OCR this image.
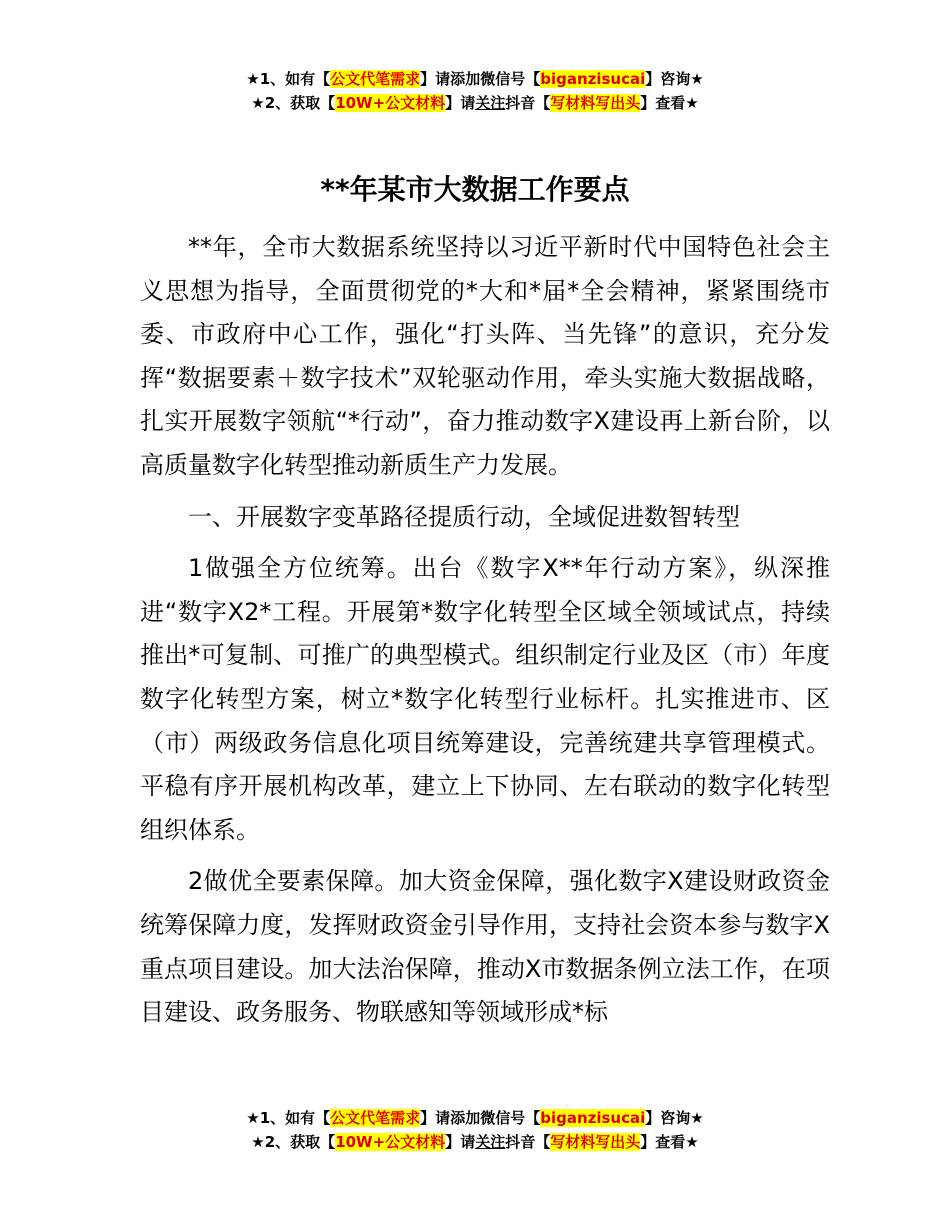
★1、如有【公文代笔需求】请添加微信号【biganzisucai】咨询★
★2、获取【10W+公文材料】请关注抖音【写材料写出头】查看★
**年某市大数据工作要点

**年，全市大数据系统坚持以习近平新时代中国特色社会主义思想为指导，全面贯彻党的*大和*届*全会精神，紧紧围绕市委、市政府中心工作，强化“打头阵、当先锋”的意识，充分发挥“数据要素＋数字技术”双轮驱动作用，牵头实施大数据战略，扎实开展数字领航“*行动”，奋力推动数字X建设再上新台阶，以高质量数字化转型推动新质生产力发展。

一、开展数字变革路径提质行动，全域促进数智转型

1做强全方位统筹。出台《数字X**年行动方案》，纵深推进“数字X2*工程。开展第*数字化转型全区域全领域试点，持续推出*可复制、可推广的典型模式。组织制定行业及区（市）年度数字化转型方案，树立*数字化转型行业标杆。扎实推进市、区（市）两级政务信息化项目统筹建设，完善统建共享管理模式。平稳有序开展机构改革，建立上下协同、左右联动的数字化转型组织体系。

2做优全要素保障。加大资金保障，强化数字X建设财政资金统筹保障力度，发挥财政资金引导作用，支持社会资本参与数字X重点项目建设。加大法治保障，推动X市数据条例立法工作，在项目建设、政务服务、物联感知等领域形成*标

★1、如有【公文代笔需求】请添加微信号【biganzisucai】咨询★
★2、获取【10W+公文材料】请关注抖音【写材料写出头】查看★
